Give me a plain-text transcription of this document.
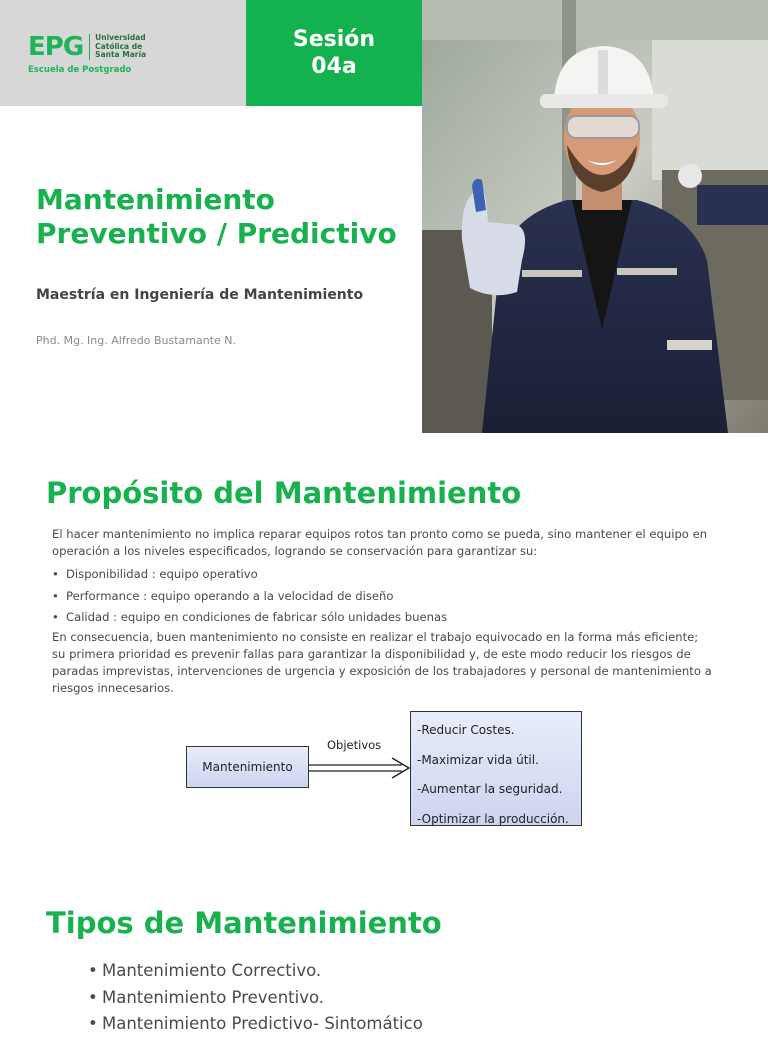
EPG Universidad
Católica de
Santa María
Escuela de Postgrado
Sesión
04a
Mantenimiento Preventivo / Predictivo
Maestría en Ingeniería de Mantenimiento
Phd. Mg. Ing. Alfredo Bustamante N.
Propósito del Mantenimiento
El hacer mantenimiento no implica reparar equipos rotos tan pronto como se pueda, sino mantener el equipo en operación a los niveles especificados, logrando se conservación para garantizar su:
• Disponibilidad : equipo operativo
• Performance : equipo operando a la velocidad de diseño
• Calidad : equipo en condiciones de fabricar sólo unidades buenas
En consecuencia, buen mantenimiento no consiste en realizar el trabajo equivocado en la forma más eficiente; su primera prioridad es prevenir fallas para garantizar la disponibilidad y, de este modo reducir los riesgos de paradas imprevistas, intervenciones de urgencia y exposición de los trabajadores y personal de mantenimiento a riesgos innecesarios.
Mantenimiento
Objetivos
-Reducir Costes.
-Maximizar vida útil.
-Aumentar la seguridad.
-Optimizar la producción.
Tipos de Mantenimiento
• Mantenimiento Correctivo.
• Mantenimiento Preventivo.
• Mantenimiento Predictivo- Sintomático
